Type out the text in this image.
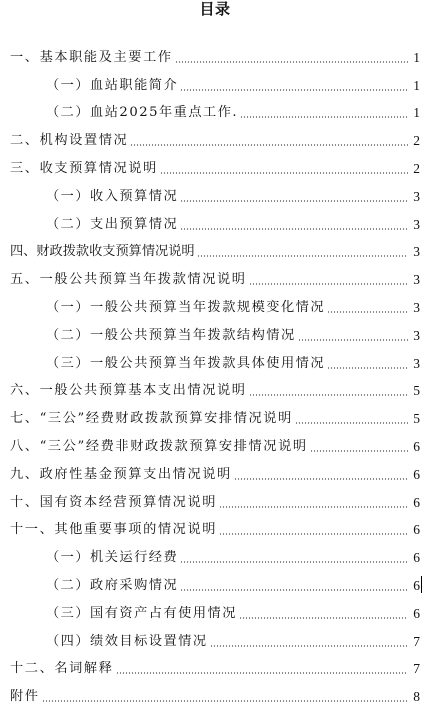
目录
一、基本职能及主要工作	1
（一）血站职能简介	1
（二）血站2025年重点工作.	1
二、机构设置情况	2
三、收支预算情况说明	2
（一）收入预算情况	3
（二）支出预算情况	3
四、财政拨款收支预算情况说明	3
五、一般公共预算当年拨款情况说明	3
（一）一般公共预算当年拨款规模变化情况	3
（二）一般公共预算当年拨款结构情况	3
（三）一般公共预算当年拨款具体使用情况	3
六、一般公共预算基本支出情况说明	5
七、“三公”经费财政拨款预算安排情况说明	5
八、“三公”经费非财政拨款预算安排情况说明	6
九、政府性基金预算支出情况说明	6
十、国有资本经营预算情况说明	6
十一、其他重要事项的情况说明	6
（一）机关运行经费	6
（二）政府采购情况	6
（三）国有资产占有使用情况	6
（四）绩效目标设置情况	7
十二、名词解释	7
附件	8
